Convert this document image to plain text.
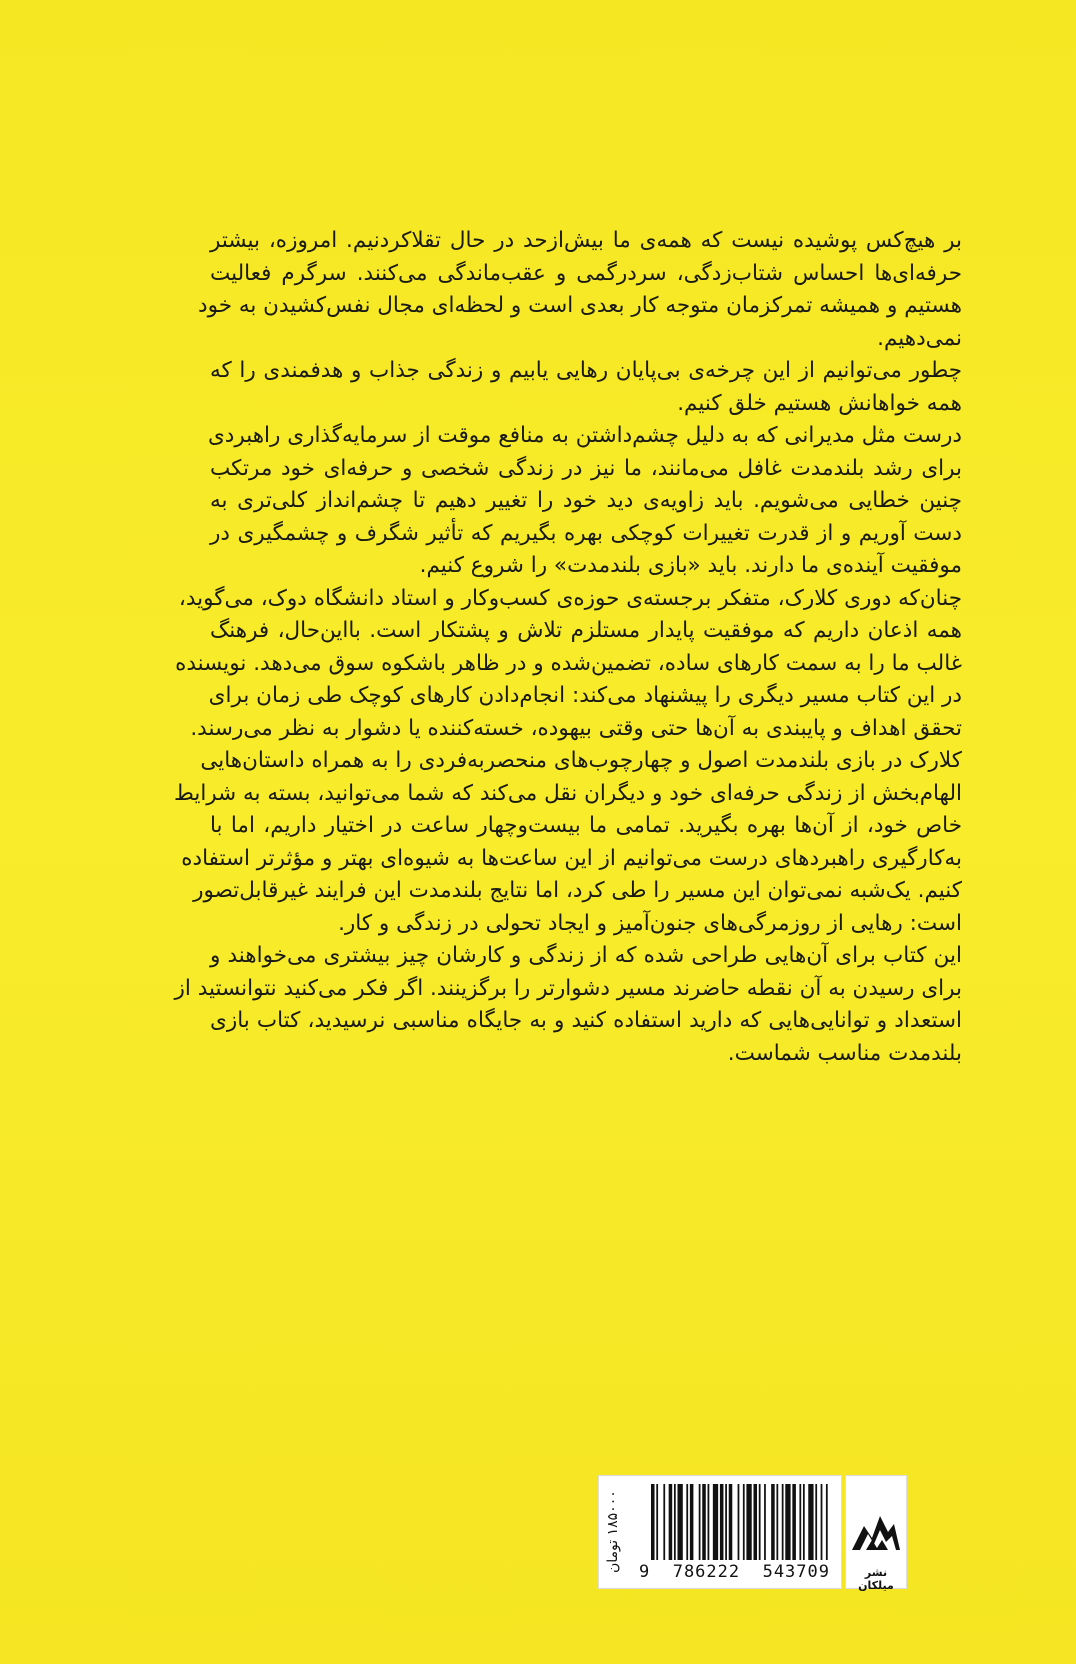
بر هیچ‌کس پوشیده نیست که همه‌ی ما بیش‌از‌حد در حال تقلاکردنیم. امروزه، بیشتر
حرفه‌ای‌ها احساس شتاب‌زدگی، سردرگمی و عقب‌ماندگی می‌کنند. سرگرم فعالیت
هستیم و همیشه تمرکزمان متوجه کار بعدی است و لحظه‌ای مجال نفس‌کشیدن به خود
نمی‌دهیم.

چطور می‌توانیم از این چرخه‌ی بی‌پایان رهایی یابیم و زندگی جذاب و هدفمندی را که
همه خواهانش هستیم خلق کنیم.

درست مثل مدیرانی که به دلیل چشم‌داشتن به منافع موقت از سرمایه‌گذاری راهبردی
برای رشد بلندمدت غافل می‌مانند، ما نیز در زندگی شخصی و حرفه‌ای خود مرتکب
چنین خطایی می‌شویم. باید زاویه‌ی دید خود را تغییر دهیم تا چشم‌انداز کلی‌تری به
دست آوریم و از قدرت تغییرات کوچکی بهره بگیریم که تأثیر شگرف و چشمگیری در
موفقیت آینده‌ی ما دارند. باید «بازی بلندمدت» را شروع کنیم.

چنان‌که دوری کلارک، متفکر برجسته‌ی حوزه‌ی کسب‌وکار و استاد دانشگاه دوک، می‌گوید،
همه اذعان داریم که موفقیت پایدار مستلزم تلاش و پشتکار است. با‌این‌حال، فرهنگ
غالب ما را به سمت کارهای ساده، تضمین‌شده و در ظاهر باشکوه سوق می‌دهد. نویسنده
در این کتاب مسیر دیگری را پیشنهاد می‌کند: انجام‌دادن کارهای کوچک طی زمان برای
تحقق اهداف و پایبندی به آن‌ها حتی وقتی بیهوده، خسته‌کننده یا دشوار به نظر می‌رسند.

کلارک در بازی بلندمدت اصول و چهارچوب‌های منحصربه‌فردی را به همراه داستان‌هایی
الهام‌بخش از زندگی حرفه‌ای خود و دیگران نقل می‌کند که شما می‌توانید، بسته به شرایط
خاص خود، از آن‌ها بهره بگیرید. تمامی ما بیست‌وچهار ساعت در اختیار داریم، اما با
به‌کارگیری راهبردهای درست می‌توانیم از این ساعت‌ها به شیوه‌ای بهتر و مؤثرتر استفاده
کنیم. یک‌شبه نمی‌توان این مسیر را طی کرد، اما نتایج بلندمدت این فرایند غیرقابل‌تصور
است: رهایی از روزمرگی‌های جنون‌آمیز و ایجاد تحولی در زندگی و کار.

این کتاب برای آن‌هایی طراحی شده که از زندگی و کارشان چیز بیشتری می‌خواهند و
برای رسیدن به آن نقطه حاضرند مسیر دشوارتر را برگزینند. اگر فکر می‌کنید نتوانستید از
استعداد و توانایی‌هایی که دارید استفاده کنید و به جایگاه مناسبی نرسیدید، کتاب بازی
بلندمدت مناسب شماست.

۱۸۵۰۰۰ تومان
9  786222  543709	نشر میلکان
